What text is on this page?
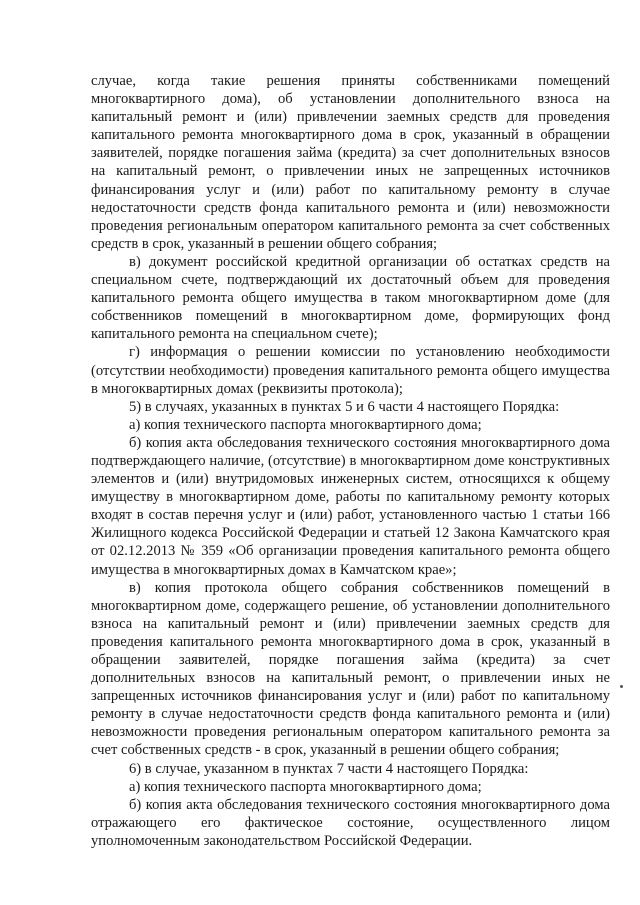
случае, когда такие решения приняты собственниками помещений многоквартирного дома), об установлении дополнительного взноса на капитальный ремонт и (или) привлечении заемных средств для проведения капитального ремонта многоквартирного дома в срок, указанный в обращении заявителей, порядке погашения займа (кредита) за счет дополнительных взносов на капитальный ремонт, о привлечении иных не запрещенных источников финансирования услуг и (или) работ по капитальному ремонту в случае недостаточности средств фонда капитального ремонта и (или) невозможности проведения региональным оператором капитального ремонта за счет собственных средств в срок, указанный в решении общего собрания;

в) документ российской кредитной организации об остатках средств на специальном счете, подтверждающий их достаточный объем для проведения капитального ремонта общего имущества в таком многоквартирном доме (для собственников помещений в многоквартирном доме, формирующих фонд капитального ремонта на специальном счете);

г) информация о решении комиссии по установлению необходимости (отсутствии необходимости) проведения капитального ремонта общего имущества в многоквартирных домах (реквизиты протокола);

5) в случаях, указанных в пунктах 5 и 6 части 4 настоящего Порядка:

а) копия технического паспорта многоквартирного дома;

б) копия акта обследования технического состояния многоквартирного дома подтверждающего наличие, (отсутствие) в многоквартирном доме конструктивных элементов и (или) внутридомовых инженерных систем, относящихся к общему имуществу в многоквартирном доме, работы по капитальному ремонту которых входят в состав перечня услуг и (или) работ, установленного частью 1 статьи 166 Жилищного кодекса Российской Федерации и статьей 12 Закона Камчатского края от 02.12.2013 № 359 «Об организации проведения капитального ремонта общего имущества в многоквартирных домах в Камчатском крае»;

в) копия протокола общего собрания собственников помещений в многоквартирном доме, содержащего решение, об установлении дополнительного взноса на капитальный ремонт и (или) привлечении заемных средств для проведения капитального ремонта многоквартирного дома в срок, указанный в обращении заявителей, порядке погашения займа (кредита) за счет дополнительных взносов на капитальный ремонт, о привлечении иных не запрещенных источников финансирования услуг и (или) работ по капитальному ремонту в случае недостаточности средств фонда капитального ремонта и (или) невозможности проведения региональным оператором капитального ремонта за счет собственных средств - в срок, указанный в решении общего собрания;

6) в случае, указанном в пунктах 7 части 4 настоящего Порядка:

а) копия технического паспорта многоквартирного дома;

б) копия акта обследования технического состояния многоквартирного дома отражающего его фактическое состояние, осуществленного лицом уполномоченным законодательством Российской Федерации.
